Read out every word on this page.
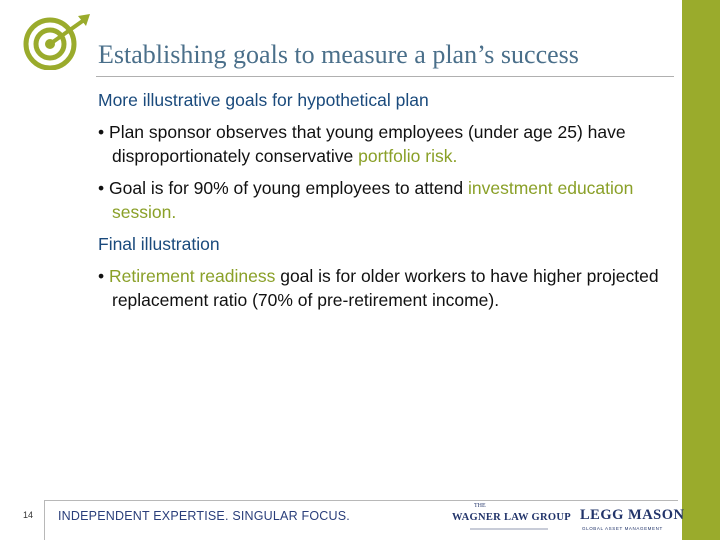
Establishing goals to measure a plan’s success
More illustrative goals for hypothetical plan
• Plan sponsor observes that young employees (under age 25) have disproportionately conservative portfolio risk.
• Goal is for 90% of young employees to attend investment education session.
Final illustration
• Retirement readiness goal is for older workers to have higher projected replacement ratio (70% of pre-retirement income).
14 INDEPENDENT EXPERTISE. SINGULAR FOCUS.
THE
WAGNER LAW GROUP LEGG MASON
GLOBAL ASSET MANAGEMENT
